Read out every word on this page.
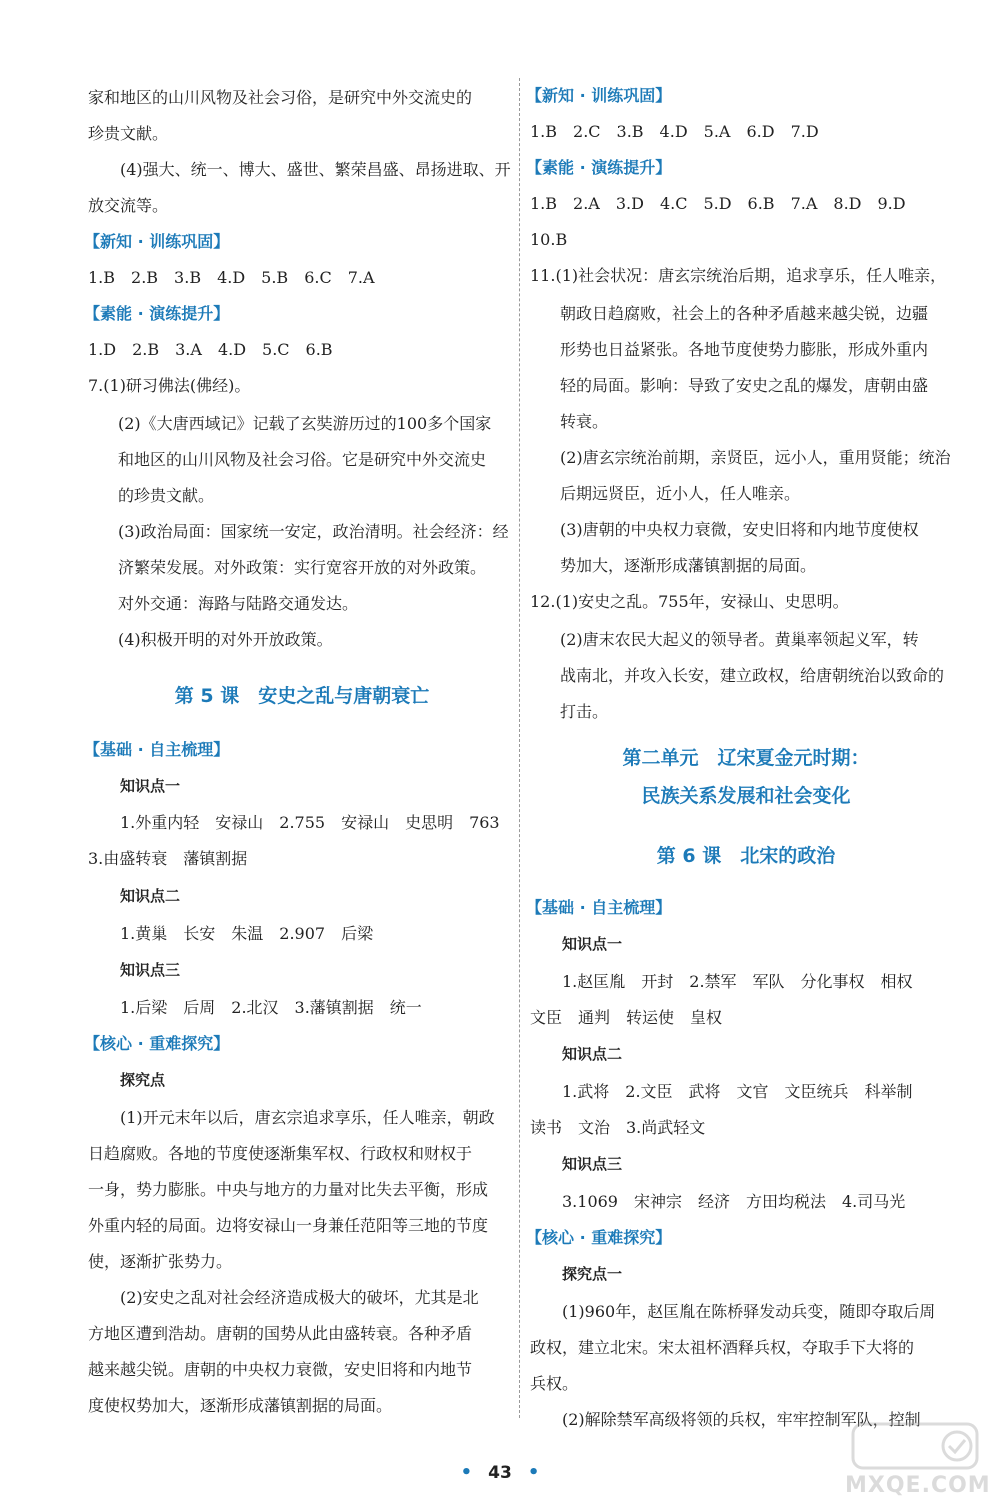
家和地区的山川风物及社会习俗，是研究中外交流史的
珍贵文献。
(4)强大、统一、博大、盛世、繁荣昌盛、昂扬进取、开
放交流等。
【新知 · 训练巩固】
1.B　2.B　3.B　4.D　5.B　6.C　7.A
【素能 · 演练提升】
1.D　2.B　3.A　4.D　5.C　6.B
7.(1)研习佛法(佛经)。
(2)《大唐西域记》记载了玄奘游历过的100多个国家
和地区的山川风物及社会习俗。它是研究中外交流史
的珍贵文献。
(3)政治局面：国家统一安定，政治清明。社会经济：经
济繁荣发展。对外政策：实行宽容开放的对外政策。
对外交通：海路与陆路交通发达。
(4)积极开明的对外开放政策。
第 5 课　安史之乱与唐朝衰亡
【基础 · 自主梳理】
知识点一
1.外重内轻　安禄山　2.755　安禄山　史思明　763
3.由盛转衰　藩镇割据
知识点二
1.黄巢　长安　朱温　2.907　后梁
知识点三
1.后梁　后周　2.北汉　3.藩镇割据　统一
【核心 · 重难探究】
探究点
(1)开元末年以后，唐玄宗追求享乐，任人唯亲，朝政
日趋腐败。各地的节度使逐渐集军权、行政权和财权于
一身，势力膨胀。中央与地方的力量对比失去平衡，形成
外重内轻的局面。边将安禄山一身兼任范阳等三地的节度
使，逐渐扩张势力。
(2)安史之乱对社会经济造成极大的破坏，尤其是北
方地区遭到浩劫。唐朝的国势从此由盛转衰。各种矛盾
越来越尖锐。唐朝的中央权力衰微，安史旧将和内地节
度使权势加大，逐渐形成藩镇割据的局面。
【新知 · 训练巩固】
1.B　2.C　3.B　4.D　5.A　6.D　7.D
【素能 · 演练提升】
1.B　2.A　3.D　4.C　5.D　6.B　7.A　8.D　9.D
10.B
11.(1)社会状况：唐玄宗统治后期，追求享乐，任人唯亲，
朝政日趋腐败，社会上的各种矛盾越来越尖锐，边疆
形势也日益紧张。各地节度使势力膨胀，形成外重内
轻的局面。影响：导致了安史之乱的爆发，唐朝由盛
转衰。
(2)唐玄宗统治前期，亲贤臣，远小人，重用贤能；统治
后期远贤臣，近小人，任人唯亲。
(3)唐朝的中央权力衰微，安史旧将和内地节度使权
势加大，逐渐形成藩镇割据的局面。
12.(1)安史之乱。755年，安禄山、史思明。
(2)唐末农民大起义的领导者。黄巢率领起义军，转
战南北，并攻入长安，建立政权，给唐朝统治以致命的
打击。
第二单元　辽宋夏金元时期：
民族关系发展和社会变化
第 6 课　北宋的政治
【基础 · 自主梳理】
知识点一
1.赵匡胤　开封　2.禁军　军队　分化事权　相权
文臣　通判　转运使　皇权
知识点二
1.武将　2.文臣　武将　文官　文臣统兵　科举制
读书　文治　3.尚武轻文
知识点三
3.1069　宋神宗　经济　方田均税法　4.司马光
【核心 · 重难探究】
探究点一
(1)960年，赵匡胤在陈桥驿发动兵变，随即夺取后周
政权，建立北宋。宋太祖杯酒释兵权，夺取手下大将的
兵权。
(2)解除禁军高级将领的兵权，牢牢控制军队，控制
• 43 •
MXQE.COM
